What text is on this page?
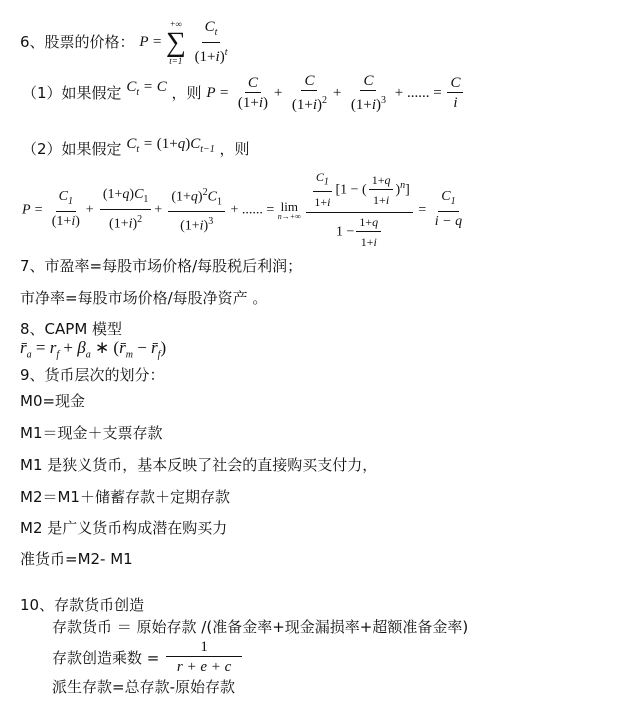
6、股票的价格： P =
+∞
∑
t=1
$\frac{C_t}{(1+i)^t}$
（1）如果假定 $C_t = C$ ，则 $P = \frac{C}{(1+i)} + \frac{C}{(1+i)^2} + \frac{C}{(1+i)^3}$ + ...... = $\frac{C}{i}$
（2）如果假定 $C_t = (1+q)C_{t-1}$ ，则
$P = \frac{C_1}{(1+i)} + \frac{(1+q)C_1}{(1+i)^2} + \frac{(1+q)^2C_1}{(1+i)^3}$ + ...... = lim
n→+∞
$\frac{\frac{C_1}{1+i} [1 - ( \frac{1+q}{1+i} )^n]}{1 - \frac{1+q}{1+i}} = \frac{C_1}{i - q}$
7、市盈率=每股市场价格/每股税后利润；
市净率=每股市场价格/每股净资产 。
8、CAPM 模型
$r̄_a = r_f + \beta_a$ ∗ ($r̄_m$ − $r̄_f$)
9、货币层次的划分：
M0=现金
M1＝现金＋支票存款
M1 是狭义货币，基本反映了社会的直接购买支付力，
M2＝M1＋储蓄存款＋定期存款
M2 是广义货币构成潜在购买力
准货币=M2- M1
10、存款货币创造
存款货币 ＝ 原始存款 /(准备金率+现金漏损率+超额准备金率)
存款创造乘数 = $\frac{1}{r + e + c}$
派生存款=总存款-原始存款
